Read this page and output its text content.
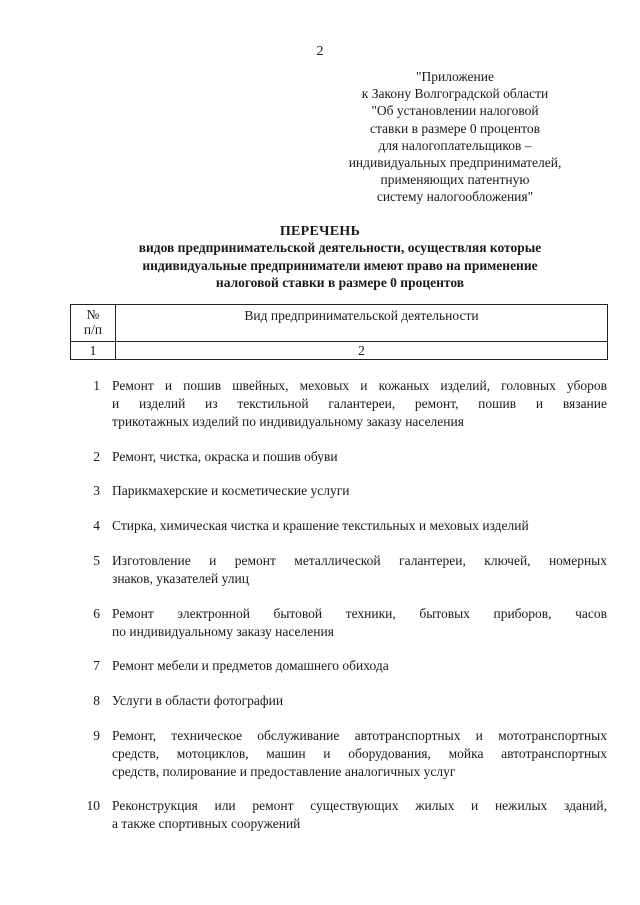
2
"Приложение
к Закону Волгоградской области
"Об установлении налоговой
ставки в размере 0 процентов
для налогоплательщиков –
индивидуальных предпринимателей,
применяющих патентную
систему налогообложения"
ПЕРЕЧЕНЬ
видов предпринимательской деятельности, осуществляя которые
индивидуальные предприниматели имеют право на применение
налоговой ставки в размере 0 процентов
№
п/п	Вид предпринимательской деятельности

1	2
1 Ремонт и пошив швейных, меховых и кожаных изделий, головных уборов
и изделий из текстильной галантереи, ремонт, пошив и вязание
трикотажных изделий по индивидуальному заказу населения
2 Ремонт, чистка, окраска и пошив обуви
3 Парикмахерские и косметические услуги
4 Стирка, химическая чистка и крашение текстильных и меховых изделий
5 Изготовление и ремонт металлической галантереи, ключей, номерных
знаков, указателей улиц
6 Ремонт электронной бытовой техники, бытовых приборов, часов
по индивидуальному заказу населения
7 Ремонт мебели и предметов домашнего обихода
8 Услуги в области фотографии
9 Ремонт, техническое обслуживание автотранспортных и мототранспортных
средств, мотоциклов, машин и оборудования, мойка автотранспортных
средств, полирование и предоставление аналогичных услуг
10 Реконструкция или ремонт существующих жилых и нежилых зданий,
а также спортивных сооружений
